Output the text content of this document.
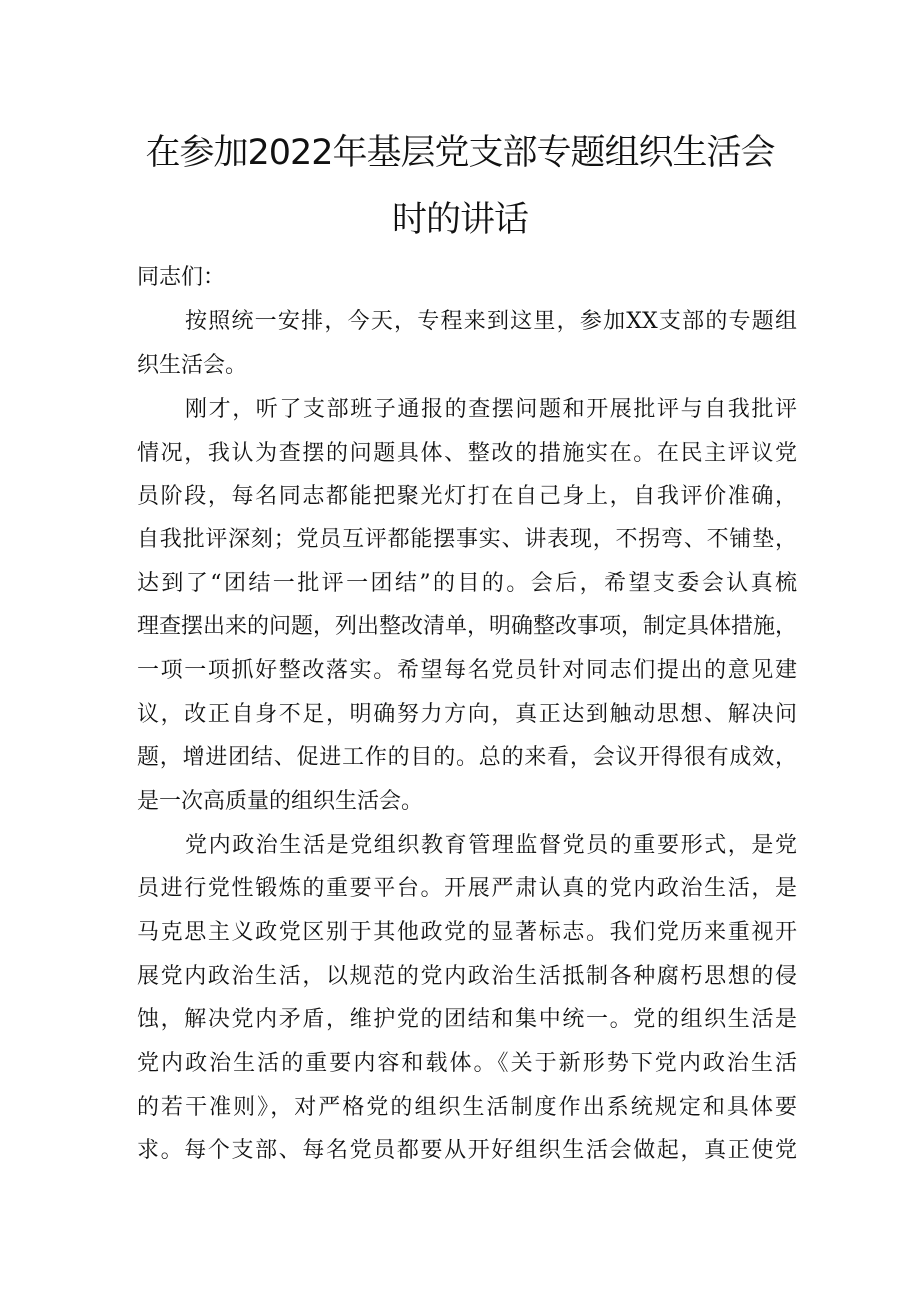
在参加2022年基层党支部专题组织生活会
时的讲话
同志们：
按照统一安排，今天，专程来到这里，参加XX支部的专题组
织生活会。
刚才，听了支部班子通报的查摆问题和开展批评与自我批评
情况，我认为查摆的问题具体、整改的措施实在。在民主评议党
员阶段，每名同志都能把聚光灯打在自己身上，自我评价准确，
自我批评深刻；党员互评都能摆事实、讲表现，不拐弯、不铺垫，
达到了“团结一批评一团结”的目的。会后，希望支委会认真梳
理查摆出来的问题，列出整改清单，明确整改事项，制定具体措施，
一项一项抓好整改落实。希望每名党员针对同志们提出的意见建
议，改正自身不足，明确努力方向，真正达到触动思想、解决问
题，增进团结、促进工作的目的。总的来看，会议开得很有成效，
是一次高质量的组织生活会。
党内政治生活是党组织教育管理监督党员的重要形式，是党
员进行党性锻炼的重要平台。开展严肃认真的党内政治生活，是
马克思主义政党区别于其他政党的显著标志。我们党历来重视开
展党内政治生活，以规范的党内政治生活抵制各种腐朽思想的侵
蚀，解决党内矛盾，维护党的团结和集中统一。党的组织生活是
党内政治生活的重要内容和载体。《关于新形势下党内政治生活
的若干准则》，对严格党的组织生活制度作出系统规定和具体要
求。每个支部、每名党员都要从开好组织生活会做起，真正使党
